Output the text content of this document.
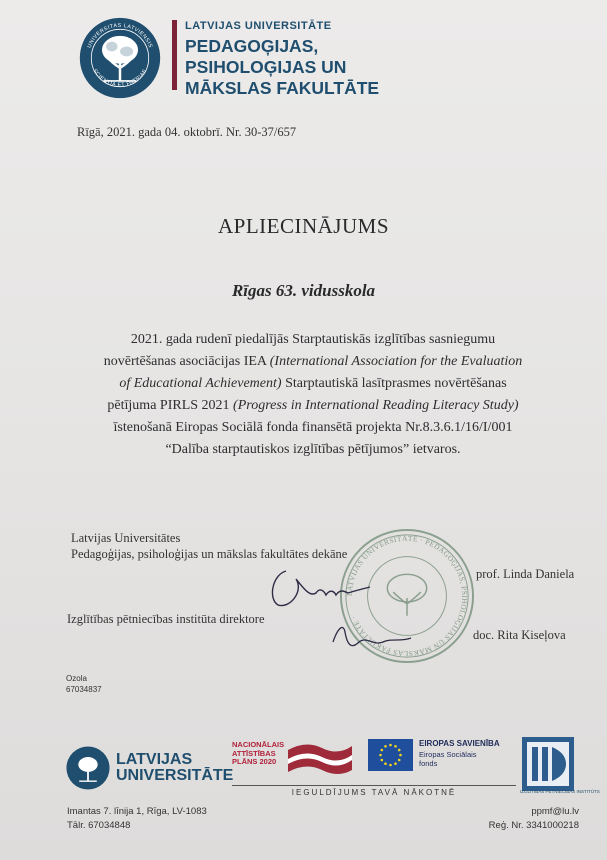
UNIVERSITAS LATVIENSIS
SCIENTIA ET PATRIAE
LATVIJAS UNIVERSITĀTE
PEDAGOĢIJAS,
PSIHOLOĢIJAS UN
MĀKSLAS FAKULTĀTE
Rīgā, 2021. gada 04. oktobrī. Nr. 30-37/657
APLIECINĀJUMS
Rīgas 63. vidusskola

2021. gada rudenī piedalījās Starptautiskās izglītības sasniegumu novērtēšanas asociācijas IEA (International Association for the Evaluation of Educational Achievement) Starptautiskā lasītprasmes novērtēšanas pētījuma PIRLS 2021 (Progress in International Reading Literacy Study) īstenošanā Eiropas Sociālā fonda finansētā projekta Nr.8.3.6.1/16/I/001 “Dalība starptautiskos izglītības pētījumos” ietvaros.

Latvijas Universitātes
Pedagoģijas, psiholoģijas un mākslas fakultātes dekāne
prof. Linda Daniela
Izglītības pētniecības institūta direktore
doc. Rita Kiseļova
LATVIJAS UNIVERSITĀTE · PEDAGOĢIJAS, PSIHOLOĢIJAS UN MĀKSLAS FAKULTĀTE ·
Ozola
67034837
LATVIJAS
UNIVERSITĀTE
NACIONĀLAIS
ATTĪSTĪBAS
PLĀNS 2020
EIROPAS SAVIENĪBA
Eiropas Sociālais
fonds
IZGLĪTĪBAS PĒTNIECĪBAS INSTITŪTS
IEGULDĪJUMS TAVĀ NĀKOTNĒ
Imantas 7. līnija 1, Rīga, LV-1083
Tālr. 67034848
ppmf@lu.lv
Reģ. Nr. 3341000218
